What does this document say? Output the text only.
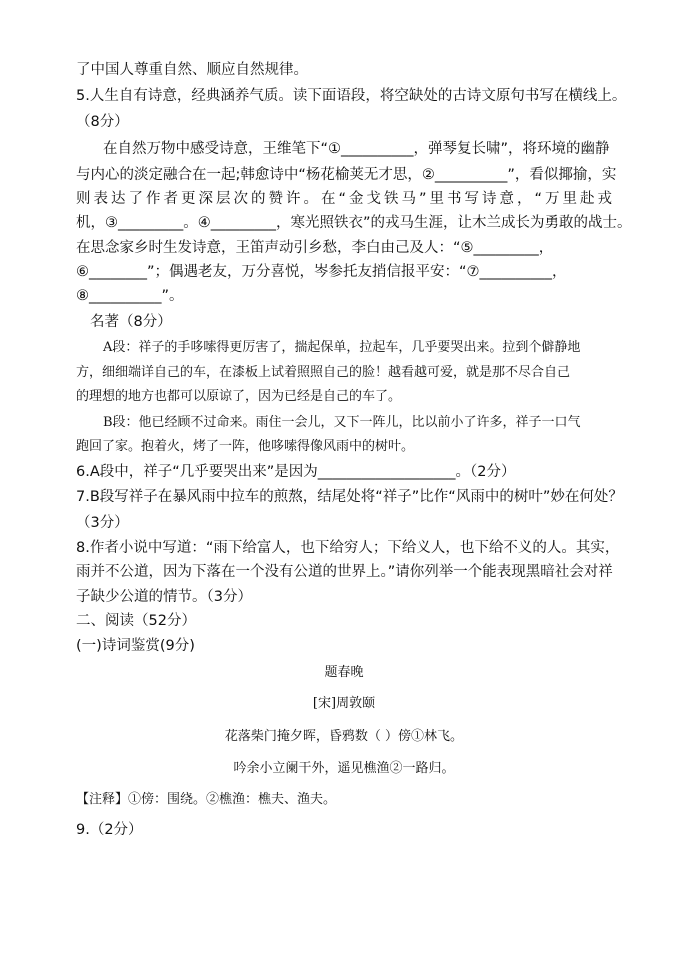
了中国人尊重自然、顺应自然规律。
5.人生自有诗意，经典涵养气质。读下面语段，将空缺处的古诗文原句书写在横线上。
（8分）
在自然万物中感受诗意，王维笔下“①__________，弹琴复长啸”，将环境的幽静
与内心的淡定融合在一起;韩愈诗中“杨花榆荚无才思，②__________”，看似揶揄，实
则表达了作者更深层次的赞许。在“金戈铁马”里书写诗意，“万里赴戎
机，③_________。④_________，寒光照铁衣”的戎马生涯，让木兰成长为勇敢的战士。
在思念家乡时生发诗意，王笛声动引乡愁，李白由己及人：“⑤_________，
⑥________”；偶遇老友，万分喜悦，岑参托友捎信报平安：“⑦__________，
⑧__________”。
名著（8分）
A段：祥子的手哆嗦得更厉害了，揣起保单，拉起车，几乎要哭出来。拉到个僻静地
方，细细端详自己的车，在漆板上试着照照自己的脸！越看越可爱，就是那不尽合自己
的理想的地方也都可以原谅了，因为已经是自己的车了。
B段：他已经顾不过命来。雨住一会儿，又下一阵儿，比以前小了许多，祥子一口气
跑回了家。抱着火，烤了一阵，他哆嗦得像风雨中的树叶。
6.A段中，祥子“几乎要哭出来”是因为___________________。（2分）
7.B段写祥子在暴风雨中拉车的煎熬，结尾处将“祥子”比作“风雨中的树叶”妙在何处？
（3分）
8.作者小说中写道：“雨下给富人，也下给穷人；下给义人，也下给不义的人。其实，
雨并不公道，因为下落在一个没有公道的世界上。”请你列举一个能表现黑暗社会对祥
子缺少公道的情节。（3分）
二、阅读（52分）
(一)诗词鉴赏(9分)
题春晚
[宋]周敦颐
花落柴门掩夕晖，昏鸦数（ ）傍①林飞。
吟余小立阑干外，遥见樵渔②一路归。
【注释】①傍：围绕。②樵渔：樵夫、渔夫。
9.（2分）
